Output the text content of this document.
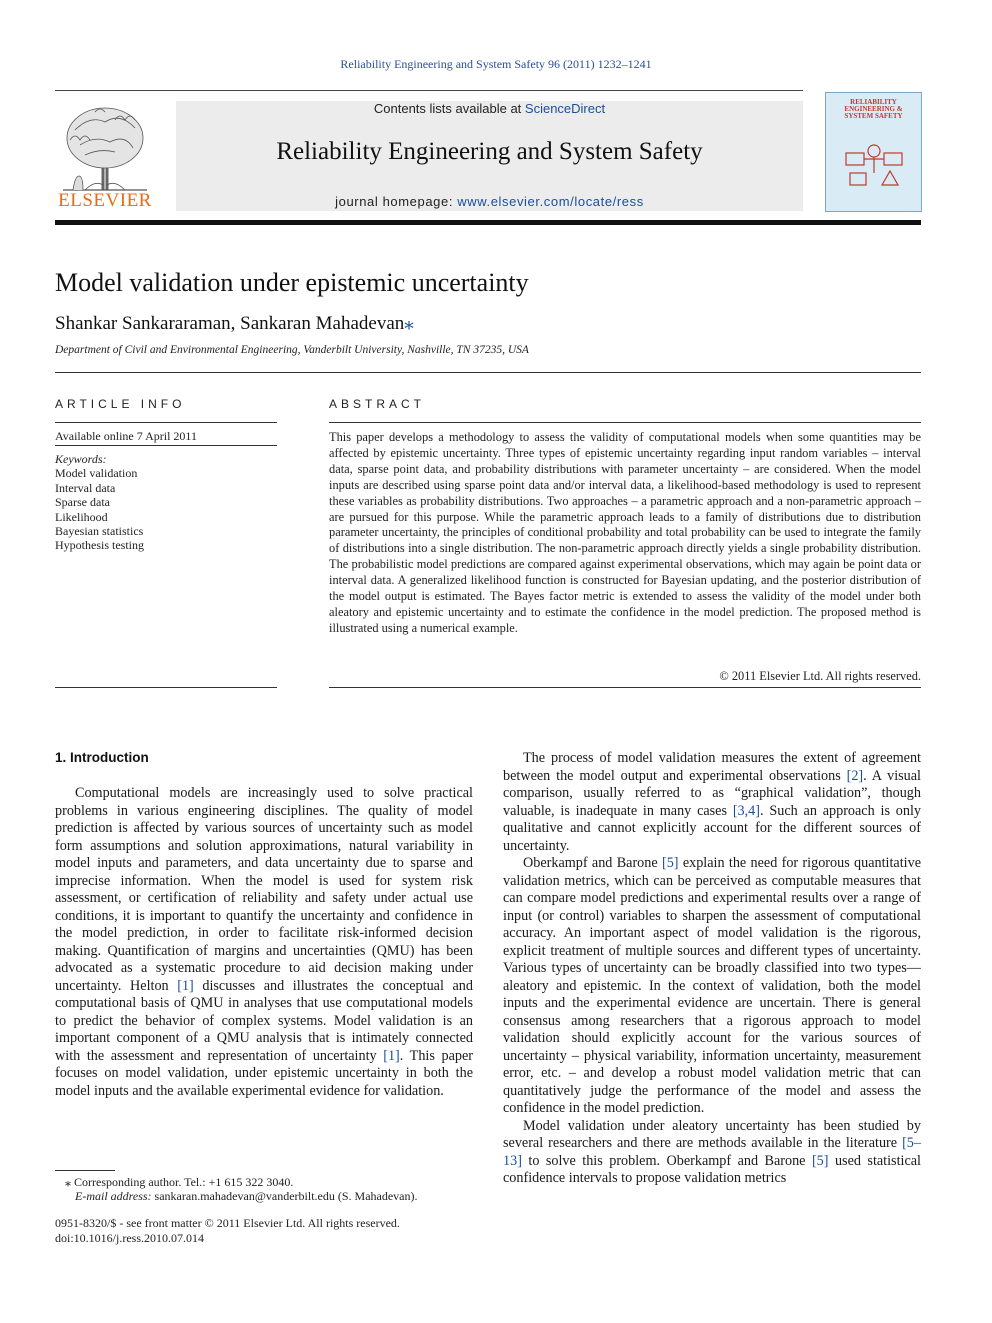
Reliability Engineering and System Safety 96 (2011) 1232–1241
ELSEVIER
Contents lists available at ScienceDirect
Reliability Engineering and System Safety
journal homepage: www.elsevier.com/locate/ress
RELIABILITY ENGINEERING & SYSTEM SAFETY
Model validation under epistemic uncertainty
Shankar Sankararaman, Sankaran Mahadevan⁎
Department of Civil and Environmental Engineering, Vanderbilt University, Nashville, TN 37235, USA
ARTICLE INFO
Available online 7 April 2011
Keywords:
Model validation
Interval data
Sparse data
Likelihood
Bayesian statistics
Hypothesis testing
ABSTRACT

This paper develops a methodology to assess the validity of computational models when some quantities may be affected by epistemic uncertainty. Three types of epistemic uncertainty regarding input random variables – interval data, sparse point data, and probability distributions with parameter uncertainty – are considered. When the model inputs are described using sparse point data and/or interval data, a likelihood-based methodology is used to represent these variables as probability distributions. Two approaches – a parametric approach and a non-parametric approach – are pursued for this purpose. While the parametric approach leads to a family of distributions due to distribution parameter uncertainty, the principles of conditional probability and total probability can be used to integrate the family of distributions into a single distribution. The non-parametric approach directly yields a single probability distribution. The probabilistic model predictions are compared against experimental observations, which may again be point data or interval data. A generalized likelihood function is constructed for Bayesian updating, and the posterior distribution of the model output is estimated. The Bayes factor metric is extended to assess the validity of the model under both aleatory and epistemic uncertainty and to estimate the confidence in the model prediction. The proposed method is illustrated using a numerical example.

© 2011 Elsevier Ltd. All rights reserved.
1. Introduction

Computational models are increasingly used to solve practical problems in various engineering disciplines. The quality of model prediction is affected by various sources of uncertainty such as model form assumptions and solution approximations, natural variability in model inputs and parameters, and data uncertainty due to sparse and imprecise information. When the model is used for system risk assessment, or certification of reliability and safety under actual use conditions, it is important to quantify the uncertainty and confidence in the model prediction, in order to facilitate risk-informed decision making. Quantification of margins and uncertainties (QMU) has been advocated as a systematic procedure to aid decision making under uncertainty. Helton [1] discusses and illustrates the conceptual and computational basis of QMU in analyses that use computational models to predict the behavior of complex systems. Model validation is an important component of a QMU analysis that is intimately connected with the assessment and representation of uncertainty [1]. This paper focuses on model validation, under epistemic uncertainty in both the model inputs and the available experimental evidence for validation.

The process of model validation measures the extent of agreement between the model output and experimental observations [2]. A visual comparison, usually referred to as “graphical validation”, though valuable, is inadequate in many cases [3,4]. Such an approach is only qualitative and cannot explicitly account for the different sources of uncertainty.

Oberkampf and Barone [5] explain the need for rigorous quantitative validation metrics, which can be perceived as computable measures that can compare model predictions and experimental results over a range of input (or control) variables to sharpen the assessment of computational accuracy. An important aspect of model validation is the rigorous, explicit treatment of multiple sources and different types of uncertainty. Various types of uncertainty can be broadly classified into two types—aleatory and epistemic. In the context of validation, both the model inputs and the experimental evidence are uncertain. There is general consensus among researchers that a rigorous approach to model validation should explicitly account for the various sources of uncertainty – physical variability, information uncertainty, measurement error, etc. – and develop a robust model validation metric that can quantitatively judge the performance of the model and assess the confidence in the model prediction.

Model validation under aleatory uncertainty has been studied by several researchers and there are methods available in the literature [5–13] to solve this problem. Oberkampf and Barone [5] used statistical confidence intervals to propose validation metrics

⁎ Corresponding author. Tel.: +1 615 322 3040.
E-mail address: sankaran.mahadevan@vanderbilt.edu (S. Mahadevan).
0951-8320/$ - see front matter © 2011 Elsevier Ltd. All rights reserved.
doi:10.1016/j.ress.2010.07.014
